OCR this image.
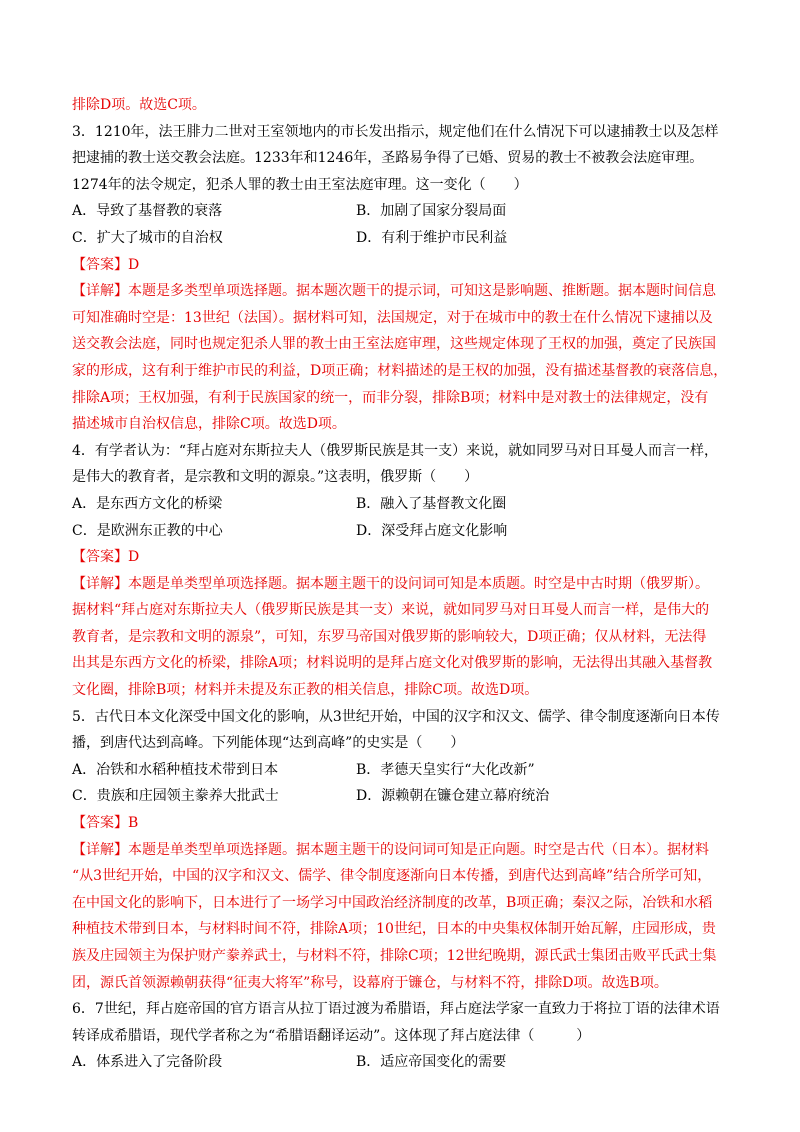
排除D项。故选C项。
3．1210年，法王腓力二世对王室领地内的市长发出指示，规定他们在什么情况下可以逮捕教士以及怎样
把逮捕的教士送交教会法庭。1233年和1246年，圣路易争得了已婚、贸易的教士不被教会法庭审理。
1274年的法令规定，犯杀人罪的教士由王室法庭审理。这一变化（　　）
A．导致了基督教的衰落	B．加剧了国家分裂局面
C．扩大了城市的自治权	D．有利于维护市民利益
【答案】D
【详解】本题是多类型单项选择题。据本题次题干的提示词，可知这是影响题、推断题。据本题时间信息
可知准确时空是：13世纪（法国）。据材料可知，法国规定，对于在城市中的教士在什么情况下逮捕以及
送交教会法庭，同时也规定犯杀人罪的教士由王室法庭审理，这些规定体现了王权的加强，奠定了民族国
家的形成，这有利于维护市民的利益，D项正确；材料描述的是王权的加强，没有描述基督教的衰落信息，
排除A项；王权加强，有利于民族国家的统一，而非分裂，排除B项；材料中是对教士的法律规定，没有
描述城市自治权信息，排除C项。故选D项。
4．有学者认为：“拜占庭对东斯拉夫人（俄罗斯民族是其一支）来说，就如同罗马对日耳曼人而言一样，
是伟大的教育者，是宗教和文明的源泉。”这表明，俄罗斯（　　）
A．是东西方文化的桥梁	B．融入了基督教文化圈
C．是欧洲东正教的中心	D．深受拜占庭文化影响
【答案】D
【详解】本题是单类型单项选择题。据本题主题干的设问词可知是本质题。时空是中古时期（俄罗斯）。
据材料“拜占庭对东斯拉夫人（俄罗斯民族是其一支）来说，就如同罗马对日耳曼人而言一样，是伟大的
教育者，是宗教和文明的源泉”，可知，东罗马帝国对俄罗斯的影响较大，D项正确；仅从材料，无法得
出其是东西方文化的桥梁，排除A项；材料说明的是拜占庭文化对俄罗斯的影响，无法得出其融入基督教
文化圈，排除B项；材料并未提及东正教的相关信息，排除C项。故选D项。
5．古代日本文化深受中国文化的影响，从3世纪开始，中国的汉字和汉文、儒学、律令制度逐渐向日本传
播，到唐代达到高峰。下列能体现“达到高峰”的史实是（　　）
A．冶铁和水稻种植技术带到日本	B．孝德天皇实行“大化改新”
C．贵族和庄园领主豢养大批武士	D．源赖朝在镰仓建立幕府统治
【答案】B
【详解】本题是单类型单项选择题。据本题主题干的设问词可知是正向题。时空是古代（日本）。据材料
“从3世纪开始，中国的汉字和汉文、儒学、律令制度逐渐向日本传播，到唐代达到高峰”结合所学可知，
在中国文化的影响下，日本进行了一场学习中国政治经济制度的改革，B项正确；秦汉之际，冶铁和水稻
种植技术带到日本，与材料时间不符，排除A项；10世纪，日本的中央集权体制开始瓦解，庄园形成，贵
族及庄园领主为保护财产豢养武士，与材料不符，排除C项；12世纪晚期，源氏武士集团击败平氏武士集
团，源氏首领源赖朝获得“征夷大将军”称号，设幕府于镰仓，与材料不符，排除D项。故选B项。
6．7世纪，拜占庭帝国的官方语言从拉丁语过渡为希腊语，拜占庭法学家一直致力于将拉丁语的法律术语
转译成希腊语，现代学者称之为“希腊语翻译运动”。这体现了拜占庭法律（　　　）
A．体系进入了完备阶段	B．适应帝国变化的需要
